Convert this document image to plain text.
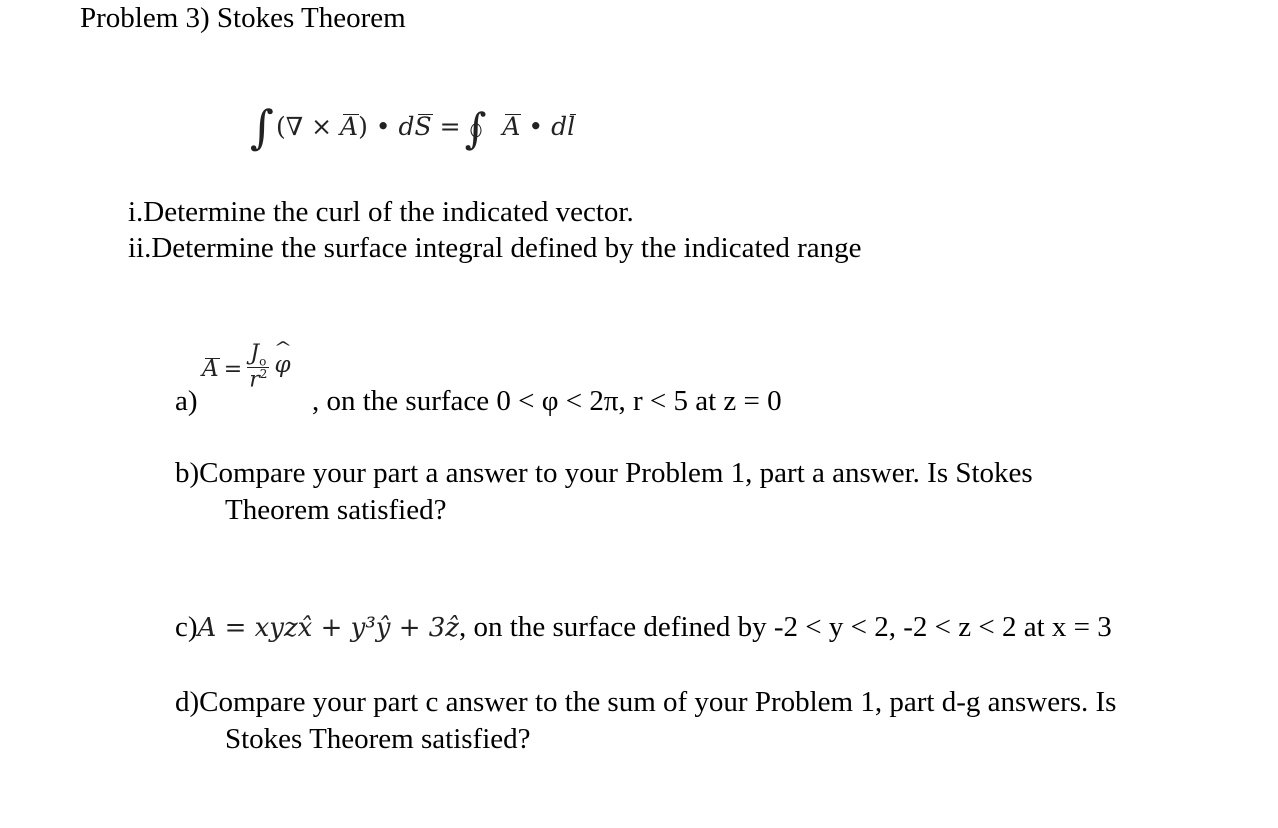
Problem 3) Stokes Theorem
∫(∇ × A) • dS =∫ A • dl
i.Determine the curl of the indicated vector.
ii.Determine the surface integral defined by the indicated range
a)
$A = \frac{J_o}{r^2}$
^ φ
, on the surface 0 < φ < 2π, r < 5 at z = 0
b)Compare your part a answer to your Problem 1, part a answer. Is Stokes
Theorem satisfied?
c)A = xyzx̂ + y³ŷ + 3ẑ, on the surface defined by -2 < y < 2, -2 < z < 2 at x = 3
d)Compare your part c answer to the sum of your Problem 1, part d-g answers. Is
Stokes Theorem satisfied?
